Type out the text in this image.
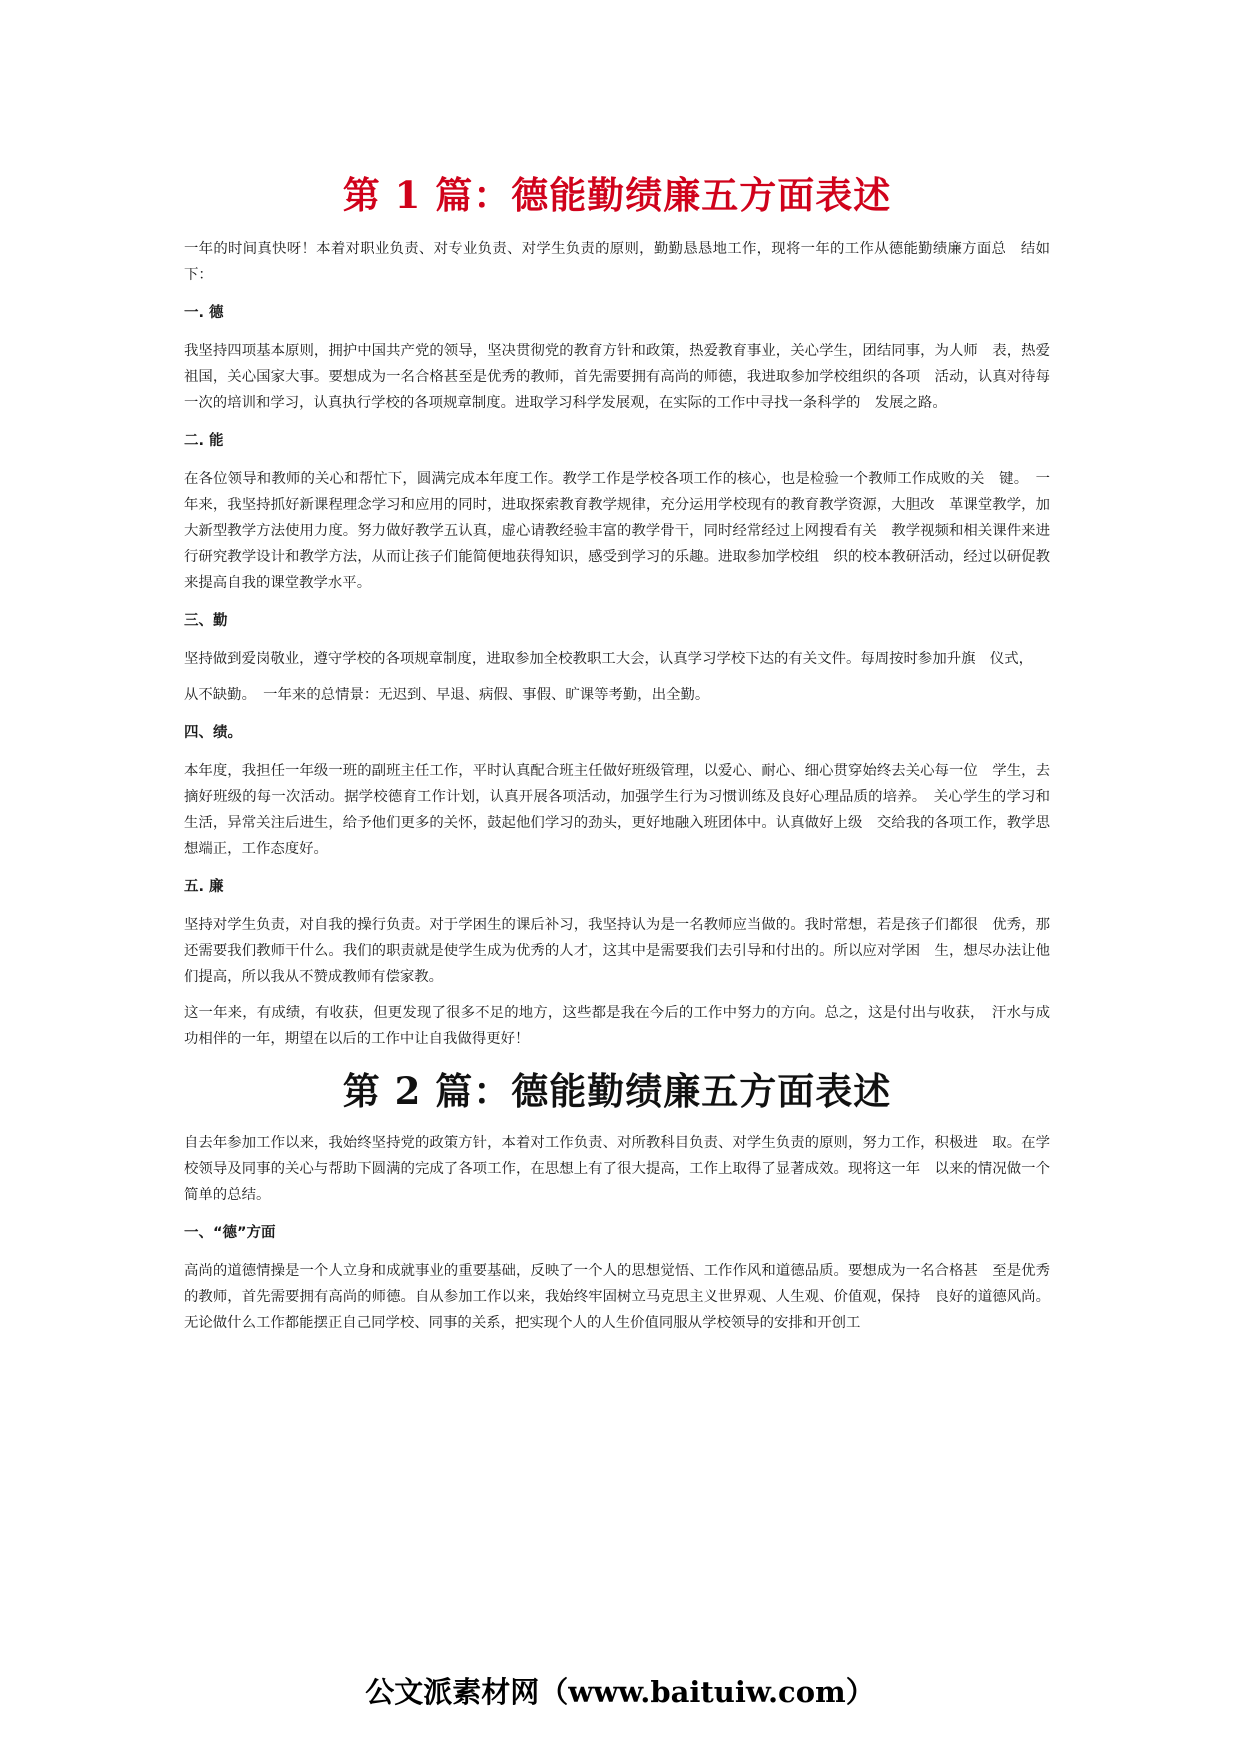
第 1 篇：德能勤绩廉五方面表述

一年的时间真快呀！本着对职业负责、对专业负责、对学生负责的原则，勤勤恳恳地工作，现将一年的工作从德能勤绩廉方面总　结如下：

一. 德

我坚持四项基本原则，拥护中国共产党的领导，坚决贯彻党的教育方针和政策，热爱教育事业，关心学生，团结同事，为人师　表，热爱祖国，关心国家大事。要想成为一名合格甚至是优秀的教师，首先需要拥有高尚的师德，我进取参加学校组织的各项　活动，认真对待每一次的培训和学习，认真执行学校的各项规章制度。进取学习科学发展观，在实际的工作中寻找一条科学的　发展之路。

二. 能

在各位领导和教师的关心和帮忙下，圆满完成本年度工作。教学工作是学校各项工作的核心，也是检验一个教师工作成败的关　键。　一年来，我坚持抓好新课程理念学习和应用的同时，进取探索教育教学规律，充分运用学校现有的教育教学资源，大胆改　革课堂教学，加大新型教学方法使用力度。努力做好教学五认真，虚心请教经验丰富的教学骨干，同时经常经过上网搜看有关　教学视频和相关课件来进行研究教学设计和教学方法，从而让孩子们能简便地获得知识，感受到学习的乐趣。进取参加学校组　织的校本教研活动，经过以研促教来提高自我的课堂教学水平。

三、勤

坚持做到爱岗敬业，遵守学校的各项规章制度，进取参加全校教职工大会，认真学习学校下达的有关文件。每周按时参加升旗　仪式，

从不缺勤。　一年来的总情景：无迟到、早退、病假、事假、旷课等考勤，出全勤。

四、绩。

本年度，我担任一年级一班的副班主任工作，平时认真配合班主任做好班级管理，以爱心、耐心、细心贯穿始终去关心每一位　学生，去摘好班级的每一次活动。据学校德育工作计划，认真开展各项活动，加强学生行为习惯训练及良好心理品质的培养。　关心学生的学习和生活，异常关注后进生，给予他们更多的关怀，鼓起他们学习的劲头，更好地融入班团体中。认真做好上级　交给我的各项工作，教学思想端正，工作态度好。

五. 廉

坚持对学生负责，对自我的操行负责。对于学困生的课后补习，我坚持认为是一名教师应当做的。我时常想，若是孩子们都很　优秀，那还需要我们教师干什么。我们的职责就是使学生成为优秀的人才，这其中是需要我们去引导和付出的。所以应对学困　生，想尽办法让他们提高，所以我从不赞成教师有偿家教。

这一年来，有成绩，有收获，但更发现了很多不足的地方，这些都是我在今后的工作中努力的方向。总之，这是付出与收获，　汗水与成功相伴的一年，期望在以后的工作中让自我做得更好！

第 2 篇：德能勤绩廉五方面表述

自去年参加工作以来，我始终坚持党的政策方针，本着对工作负责、对所教科目负责、对学生负责的原则，努力工作，积极进　取。在学校领导及同事的关心与帮助下圆满的完成了各项工作，在思想上有了很大提高，工作上取得了显著成效。现将这一年　以来的情况做一个简单的总结。

一、“德”方面

高尚的道德情操是一个人立身和成就事业的重要基础，反映了一个人的思想觉悟、工作作风和道德品质。要想成为一名合格甚　至是优秀的教师，首先需要拥有高尚的师德。自从参加工作以来，我始终牢固树立马克思主义世界观、人生观、价值观，保持　良好的道德风尚。无论做什么工作都能摆正自己同学校、同事的关系，把实现个人的人生价值同服从学校领导的安排和开创工

公文派素材网（www.baituiw.com）
